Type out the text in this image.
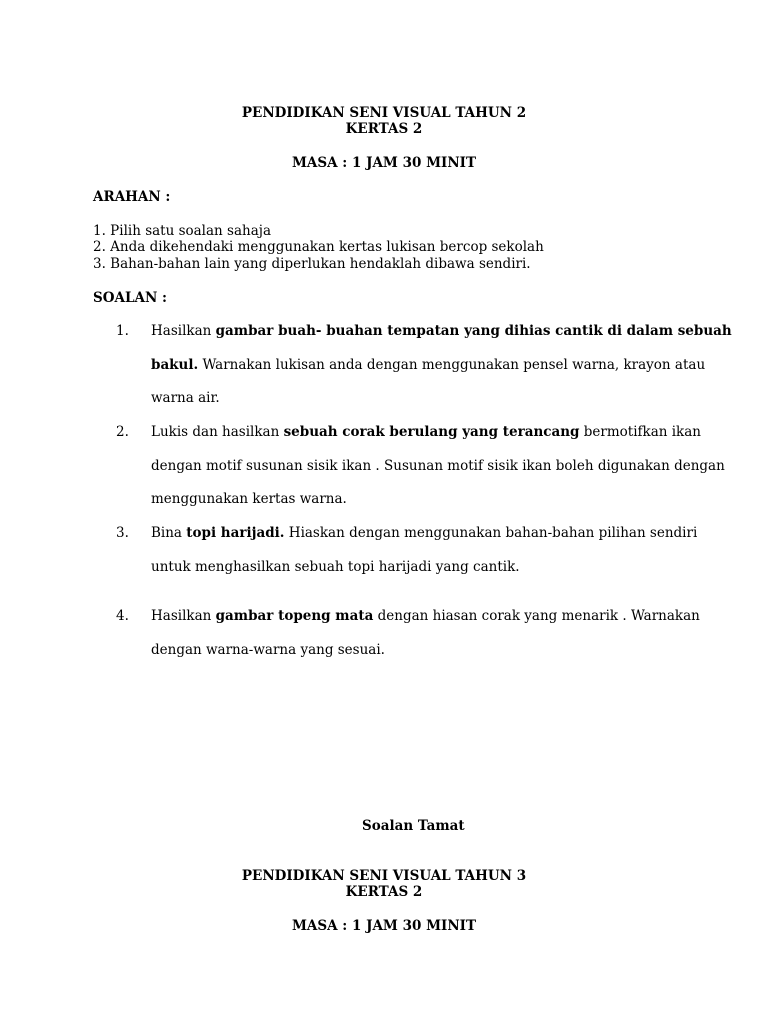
PENDIDIKAN SENI VISUAL TAHUN 2
KERTAS 2
MASA : 1 JAM 30 MINIT
ARAHAN :
1. Pilih satu soalan sahaja
2. Anda dikehendaki menggunakan kertas lukisan bercop sekolah
3. Bahan-bahan lain yang diperlukan hendaklah dibawa sendiri.
SOALAN :
1. Hasilkan gambar buah- buahan tempatan yang dihias cantik di dalam sebuah
bakul. Warnakan lukisan anda dengan menggunakan pensel warna, krayon atau
warna air.
2. Lukis dan hasilkan sebuah corak berulang yang terancang bermotifkan ikan
dengan motif susunan sisik ikan . Susunan motif sisik ikan boleh digunakan dengan
menggunakan kertas warna.
3. Bina topi harijadi. Hiaskan dengan menggunakan bahan-bahan pilihan sendiri
untuk menghasilkan sebuah topi harijadi yang cantik.
4. Hasilkan gambar topeng mata dengan hiasan corak yang menarik . Warnakan
dengan warna-warna yang sesuai.
Soalan Tamat
PENDIDIKAN SENI VISUAL TAHUN 3
KERTAS 2
MASA : 1 JAM 30 MINIT
